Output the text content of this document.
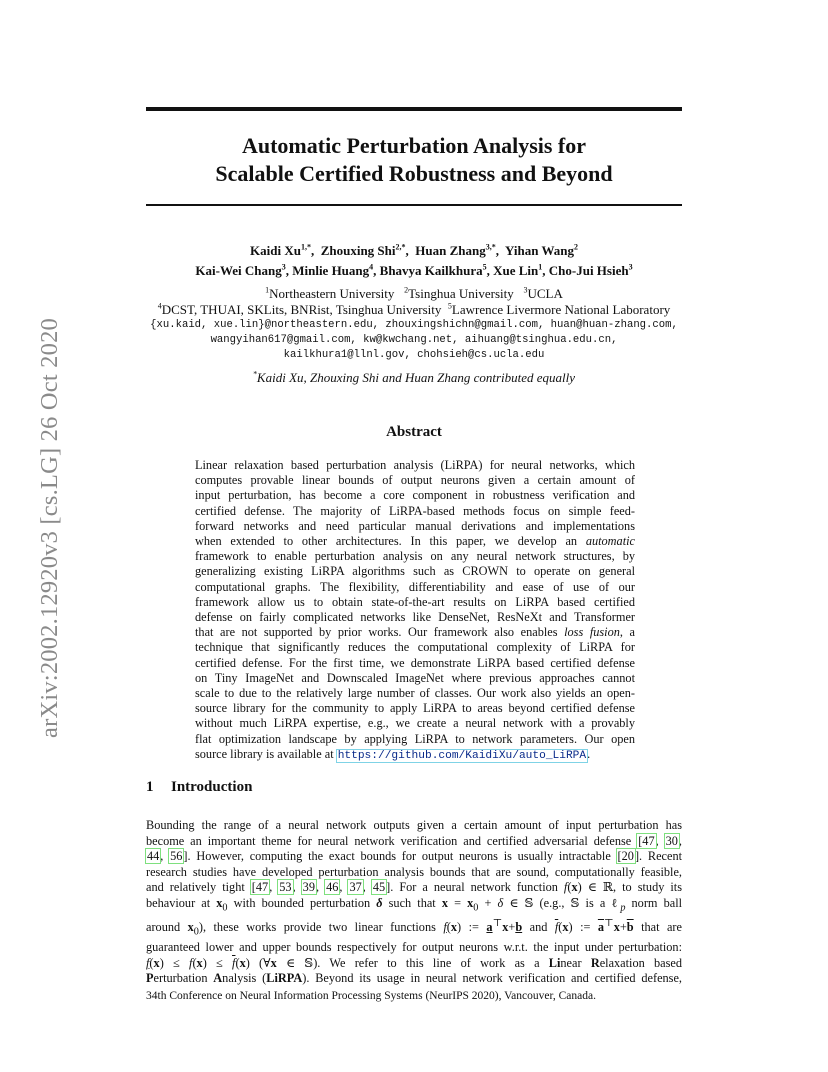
arXiv:2002.12920v3 [cs.LG] 26 Oct 2020
Automatic Perturbation Analysis for
Scalable Certified Robustness and Beyond
Kaidi $Xu^{1,*}$,  Zhouxing Shi$^{2,*}$,  Huan Zhang$^{3,*}$,  Yihan Wang$^2$
Kai-Wei Chang$^3$, Minlie Huang$^4$, Bhavya Kailkhura$^5$, Xue Lin$^1$, Cho-Jui Hsieh$^3$
$^1$Northeastern University   $^2$Tsinghua University   $^3$UCLA
$^4$DCST, THUAI, SKLits, BNRist, Tsinghua University  $^5$Lawrence Livermore National Laboratory
{xu.kaid, xue.lin}@northeastern.edu, zhouxingshichn@gmail.com, huan@huan-zhang.com,
wangyihan617@gmail.com, kw@kwchang.net, aihuang@tsinghua.edu.cn,
kailkhura1@llnl.gov, chohsieh@cs.ucla.edu
*Kaidi Xu, Zhouxing Shi and Huan Zhang contributed equally
Abstract
Linear relaxation based perturbation analysis (LiRPA) for neural networks, which
computes provable linear bounds of output neurons given a certain amount of
input perturbation, has become a core component in robustness verification and
certified defense. The majority of LiRPA-based methods focus on simple feed-
forward networks and need particular manual derivations and implementations
when extended to other architectures. In this paper, we develop an automatic
framework to enable perturbation analysis on any neural network structures, by
generalizing existing LiRPA algorithms such as CROWN to operate on general
computational graphs. The flexibility, differentiability and ease of use of our
framework allow us to obtain state-of-the-art results on LiRPA based certified
defense on fairly complicated networks like DenseNet, ResNeXt and Transformer
that are not supported by prior works. Our framework also enables loss fusion, a
technique that significantly reduces the computational complexity of LiRPA for
certified defense. For the first time, we demonstrate LiRPA based certified defense
on Tiny ImageNet and Downscaled ImageNet where previous approaches cannot
scale to due to the relatively large number of classes. Our work also yields an open-
source library for the community to apply LiRPA to areas beyond certified defense
without much LiRPA expertise, e.g., we create a neural network with a provably
flat optimization landscape by applying LiRPA to network parameters. Our open
source library is available at https://github.com/KaidiXu/auto_LiRPA.
1 Introduction
Bounding the range of a neural network outputs given a certain amount of input perturbation has
become an important theme for neural network verification and certified adversarial defense [47, 30,
44, 56]. However, computing the exact bounds for output neurons is usually intractable [20]. Recent
research studies have developed perturbation analysis bounds that are sound, computationally feasible,
and relatively tight [47, 53, 39, 46, 37, 45]. For a neural network function f(x) ∈ ℝ, to study its
behaviour at $x_0$ with bounded perturbation δ such that $x = x_0 + \delta$ ∈ 𝕊 (e.g., 𝕊 is a ℓ$_p$ norm ball
around $x_0$), these works provide two linear functions f(x) := a⊤x+b and $\overline{f}(x)$ := $\overline{a}^⊤x+\overline{b}$ that are
guaranteed lower and upper bounds respectively for output neurons w.r.t. the input under perturbation:
$f(x) \le f(x) \le \overline{f}(x)$ (∀x ∈ 𝕊). We refer to this line of work as a Linear Relaxation based
Perturbation Analysis (LiRPA). Beyond its usage in neural network verification and certified defense,
34th Conference on Neural Information Processing Systems (NeurIPS 2020), Vancouver, Canada.
